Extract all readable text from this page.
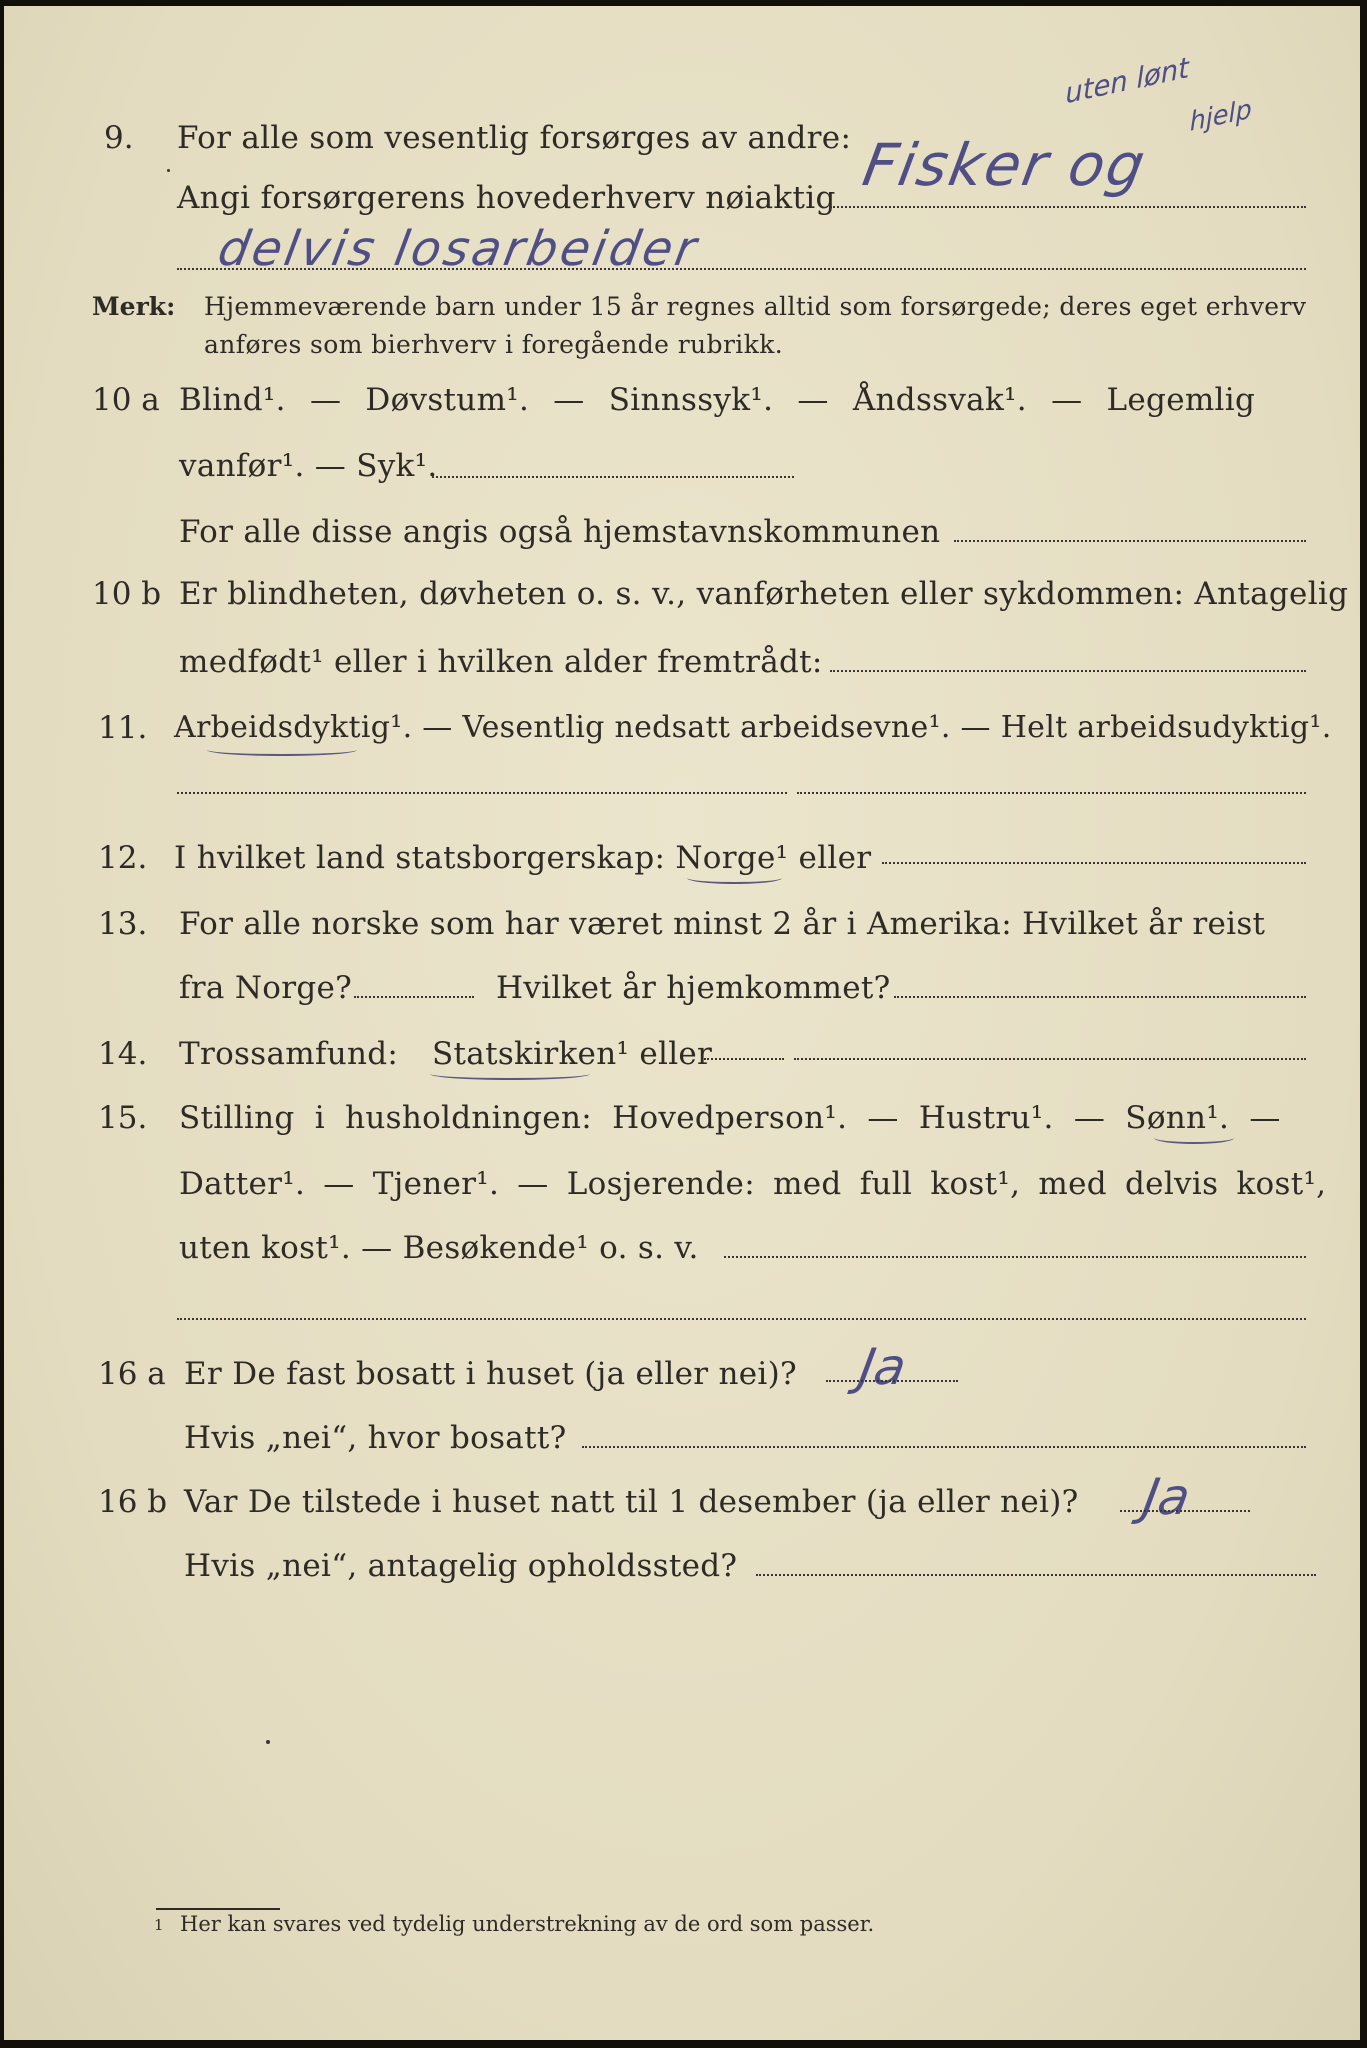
9. For alle som vesentlig forsørges av andre:
Angi forsørgerens hovederhverv nøiaktig Fisker og
delvis losarbeider
uten lønt
hjelp
Merk: Hjemmeværende barn under 15 år regnes alltid som forsørgede; deres eget erhverv
anføres som bierhverv i foregående rubrikk.
10 a Blind¹. — Døvstum¹. — Sinnssyk¹. — Åndssvak¹. — Legemlig
vanfør¹. — Syk¹.
For alle disse angis også hjemstavnskommunen
10 b Er blindheten, døvheten o. s. v., vanførheten eller sykdommen: Antagelig
medfødt¹ eller i hvilken alder fremtrådt:
11. Arbeidsdyktig¹. — Vesentlig nedsatt arbeidsevne¹. — Helt arbeidsudyktig¹.
12. I hvilket land statsborgerskap: Norge¹ eller
13. For alle norske som har været minst 2 år i Amerika: Hvilket år reist
fra Norge?	Hvilket år hjemkommet?
14. Trossamfund: Statskirken¹ eller
15. Stilling i husholdningen: Hovedperson¹. — Hustru¹. — Sønn¹. —
Datter¹. — Tjener¹. — Losjerende: med full kost¹, med delvis kost¹,
uten kost¹. — Besøkende¹ o. s. v.
16 a Er De fast bosatt i huset (ja eller nei)? Ja
Hvis „nei“, hvor bosatt?
16 b Var De tilstede i huset natt til 1 desember (ja eller nei)? Ja
Hvis „nei“, antagelig opholdssted?
1 Her kan svares ved tydelig understrekning av de ord som passer.
